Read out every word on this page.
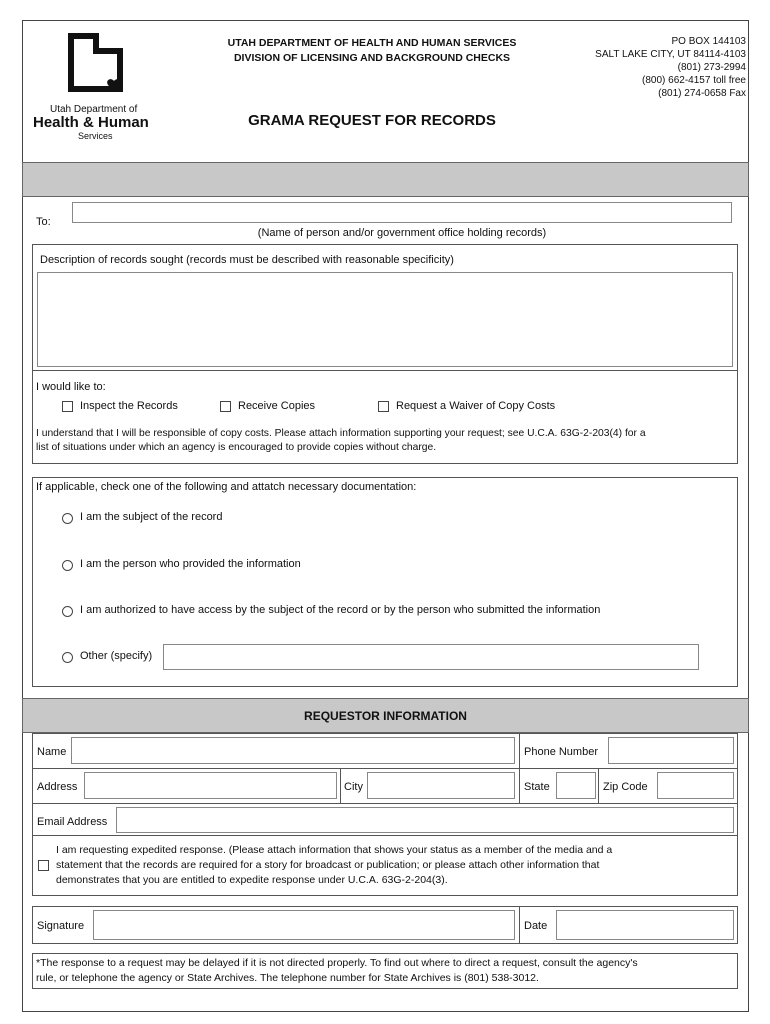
Utah Department of
Health & Human
Services
UTAH DEPARTMENT OF HEALTH AND HUMAN SERVICES
DIVISION OF LICENSING AND BACKGROUND CHECKS
GRAMA REQUEST FOR RECORDS
PO BOX 144103
SALT LAKE CITY, UT 84114-4103
(801) 273-2994
(800) 662-4157 toll free
(801) 274-0658 Fax
To:
(Name of person and/or government office holding records)
Description of records sought (records must be described with reasonable specificity)
I would like to:
Inspect the Records	Receive Copies	Request a Waiver of Copy Costs
I understand that I will be responsible of copy costs. Please attach information supporting your request; see U.C.A. 63G-2-203(4) for a
list of situations under which an agency is encouraged to provide copies without charge.
If applicable, check one of the following and attatch necessary documentation:
I am the subject of the record
I am the person who provided the information
I am authorized to have access by the subject of the record or by the person who submitted the information
Other (specify)
REQUESTOR INFORMATION
Name	Phone Number
Address	City	State	Zip Code
Email Address
I am requesting expedited response. (Please attach information that shows your status as a member of the media and a
statement that the records are required for a story for broadcast or publication; or please attach other information that
demonstrates that you are entitled to expedite response under U.C.A. 63G-2-204(3).
Signature	Date
*The response to a request may be delayed if it is not directed properly. To find out where to direct a request, consult the agency's
rule, or telephone the agency or State Archives. The telephone number for State Archives is (801) 538-3012.
